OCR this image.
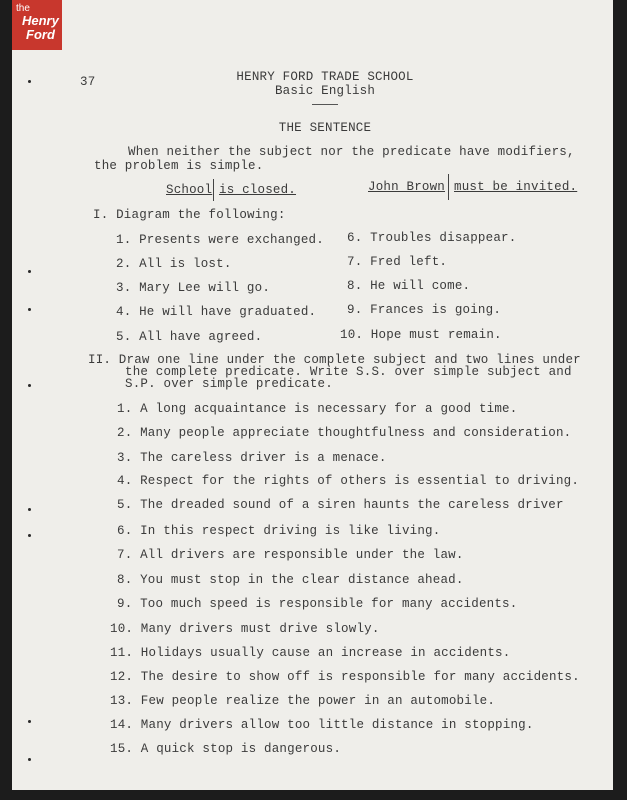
the
Henry
Ford
37	HENRY FORD TRADE SCHOOL
Basic English
THE SENTENCE
When neither the subject nor the predicate have modifiers,
the problem is simple.
School is closed.	John Brown must be invited.
I. Diagram the following:
1. Presents were exchanged.
2. All is lost.
3. Mary Lee will go.
4. He will have graduated.
5. All have agreed.
6. Troubles disappear.
7. Fred left.
8. He will come.
9. Frances is going.
10. Hope must remain.
II. Draw one line under the complete subject and two lines under
the complete predicate. Write S.S. over simple subject and
S.P. over simple predicate.
1. A long acquaintance is necessary for a good time.
2. Many people appreciate thoughtfulness and consideration.
3. The careless driver is a menace.
4. Respect for the rights of others is essential to driving.
5. The dreaded sound of a siren haunts the careless driver
6. In this respect driving is like living.
7. All drivers are responsible under the law.
8. You must stop in the clear distance ahead.
9. Too much speed is responsible for many accidents.
10. Many drivers must drive slowly.
11. Holidays usually cause an increase in accidents.
12. The desire to show off is responsible for many accidents.
13. Few people realize the power in an automobile.
14. Many drivers allow too little distance in stopping.
15. A quick stop is dangerous.
